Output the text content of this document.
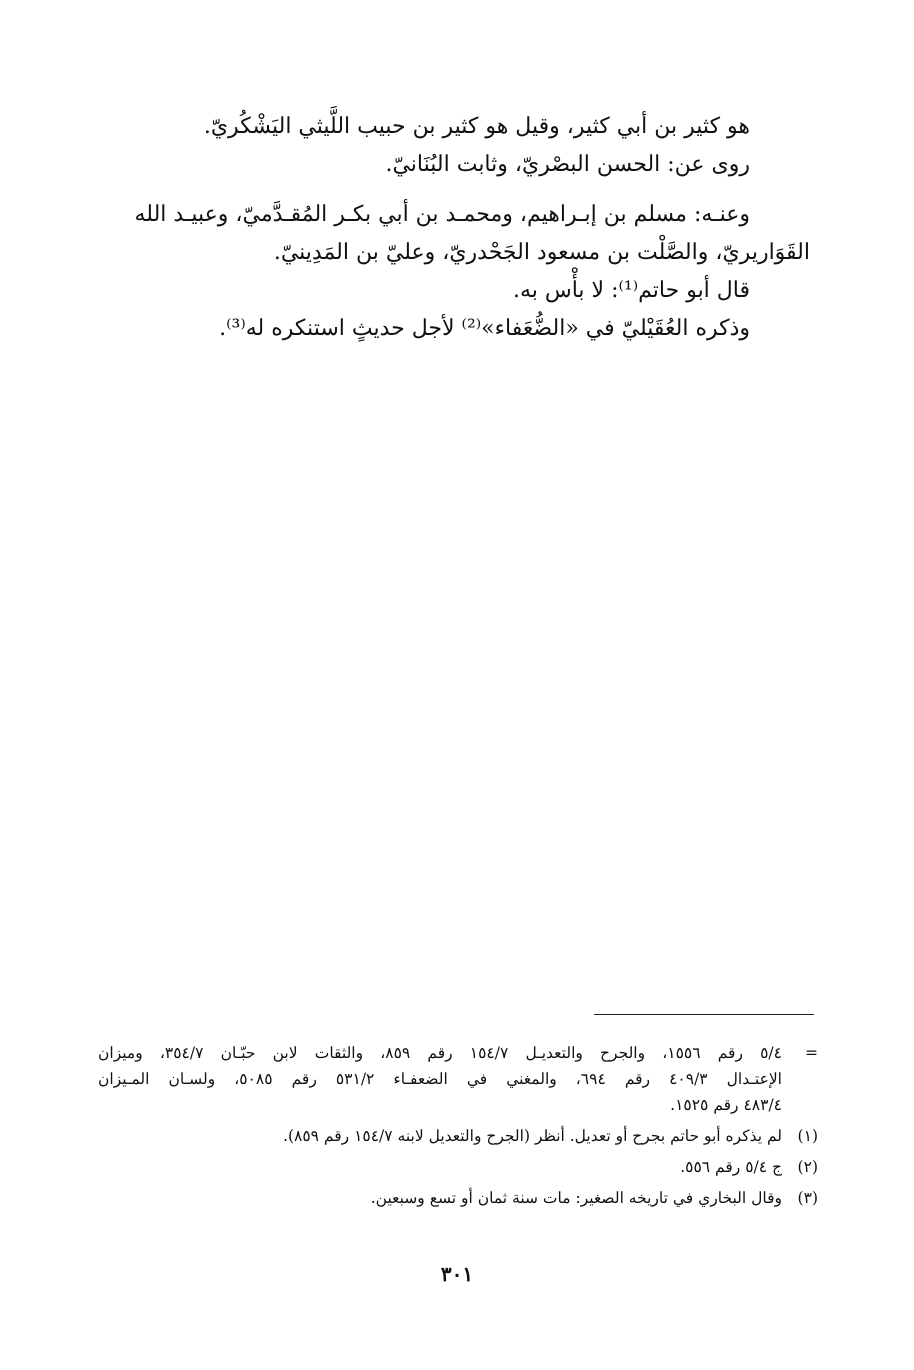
هو كثير بن أبي كثير، وقيل هو كثير بن حبيب اللَّيثي اليَشْكُريّ.
روى عن: الحسن البصْريّ، وثابت البُنَانيّ.
وعنـه: مسلم بن إبـراهيم، ومحمـد بن أبي بكـر المُقـدَّميّ، وعبيـد الله
القَوَاريريّ، والصَّلْت بن مسعود الجَحْدريّ، وعليّ بن المَدِينيّ.
قال أبو حاتم⁽¹⁾: لا بأْس به.
وذكره العُقَيْليّ في «الضُّعَفاء»⁽²⁾ لأجل حديثٍ استنكره له⁽³⁾.
=
٥/٤ رقم ١٥٥٦، والجرح والتعديـل ١٥٤/٧ رقم ٨٥٩، والثقات لابن حبّـان ٣٥٤/٧، وميزان
الإعتـدال ٤٠٩/٣ رقم ٦٩٤، والمغني في الضعفـاء ٥٣١/٢ رقم ٥٠٨٥، ولسـان المـيزان
٤٨٣/٤ رقم ١٥٢٥.
(١)
لم يذكره أبو حاتم بجرح أو تعديل. أنظر (الجرح والتعديل لابنه ١٥٤/٧ رقم ٨٥٩).
(٢)
ج ٥/٤ رقم ٥٥٦.
(٣)
وقال البخاري في تاريخه الصغير: مات سنة ثمان أو تسع وسبعين.
٣٠١
